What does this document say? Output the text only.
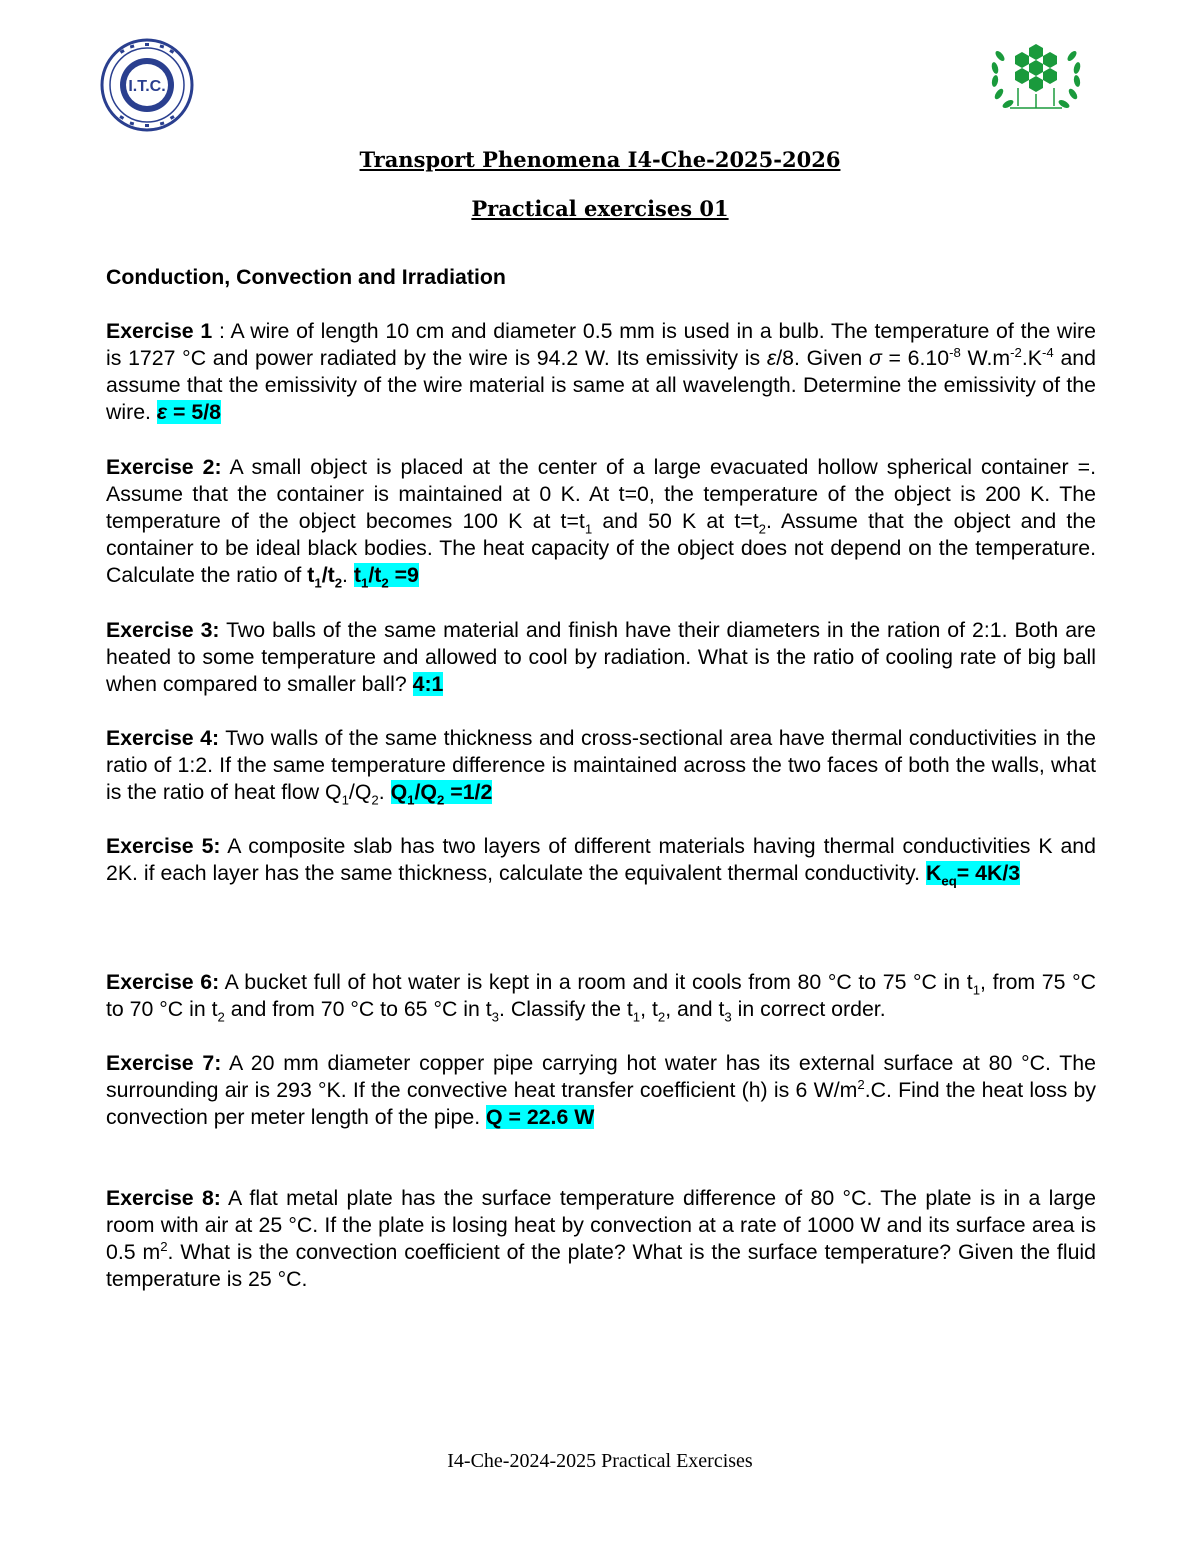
I.T.C.
Transport Phenomena I4-Che-2025-2026
Practical exercises 01
Conduction, Convection and Irradiation
Exercise 1 : A wire of length 10 cm and diameter 0.5 mm is used in a bulb. The temperature of the wire is 1727 °C and power radiated by the wire is 94.2 W. Its emissivity is ε/8. Given $\sigma = 6.10^{-8}$ $W.m^{-2}.K^{-4}$ and assume that the emissivity of the wire material is same at all wavelength. Determine the emissivity of the wire. ε = 5/8
Exercise 2: A small object is placed at the center of a large evacuated hollow spherical container =. Assume that the container is maintained at 0 K. At t=0, the temperature of the object is 200 K. The temperature of the object becomes 100 K at $t=t_1$ and 50 K at $t=t_2$. Assume that the object and the container to be ideal black bodies. The heat capacity of the object does not depend on the temperature. Calculate the ratio of $t_1/t_2$. $t_1/t_2 =9$
Exercise 3: Two balls of the same material and finish have their diameters in the ration of 2:1. Both are heated to some temperature and allowed to cool by radiation. What is the ratio of cooling rate of big ball when compared to smaller ball? 4:1
Exercise 4: Two walls of the same thickness and cross-sectional area have thermal conductivities in the ratio of 1:2. If the same temperature difference is maintained across the two faces of both the walls, what is the ratio of heat flow $Q_1/Q_2$. $Q_1/Q_2 =1/2$
Exercise 5: A composite slab has two layers of different materials having thermal conductivities K and 2K. if each layer has the same thickness, calculate the equivalent thermal conductivity. $K_{eq}= 4K/3$
Exercise 6: A bucket full of hot water is kept in a room and it cools from 80 °C to 75 °C in $t_1$, from 75 °C to 70 °C in $t_2$ and from 70 °C to 65 °C in $t_3$. Classify the $t_1$, $t_2$, and $t_3$ in correct order.
Exercise 7: A 20 mm diameter copper pipe carrying hot water has its external surface at 80 °C. The surrounding air is 293 °K. If the convective heat transfer coefficient (h) is 6 $W/m^2.C$. Find the heat loss by convection per meter length of the pipe. Q = 22.6 W
Exercise 8: A flat metal plate has the surface temperature difference of 80 °C. The plate is in a large room with air at 25 °C. If the plate is losing heat by convection at a rate of 1000 W and its surface area is 0.5 $m^2$. What is the convection coefficient of the plate? What is the surface temperature? Given the fluid temperature is 25 °C.
I4-Che-2024-2025 Practical Exercises
